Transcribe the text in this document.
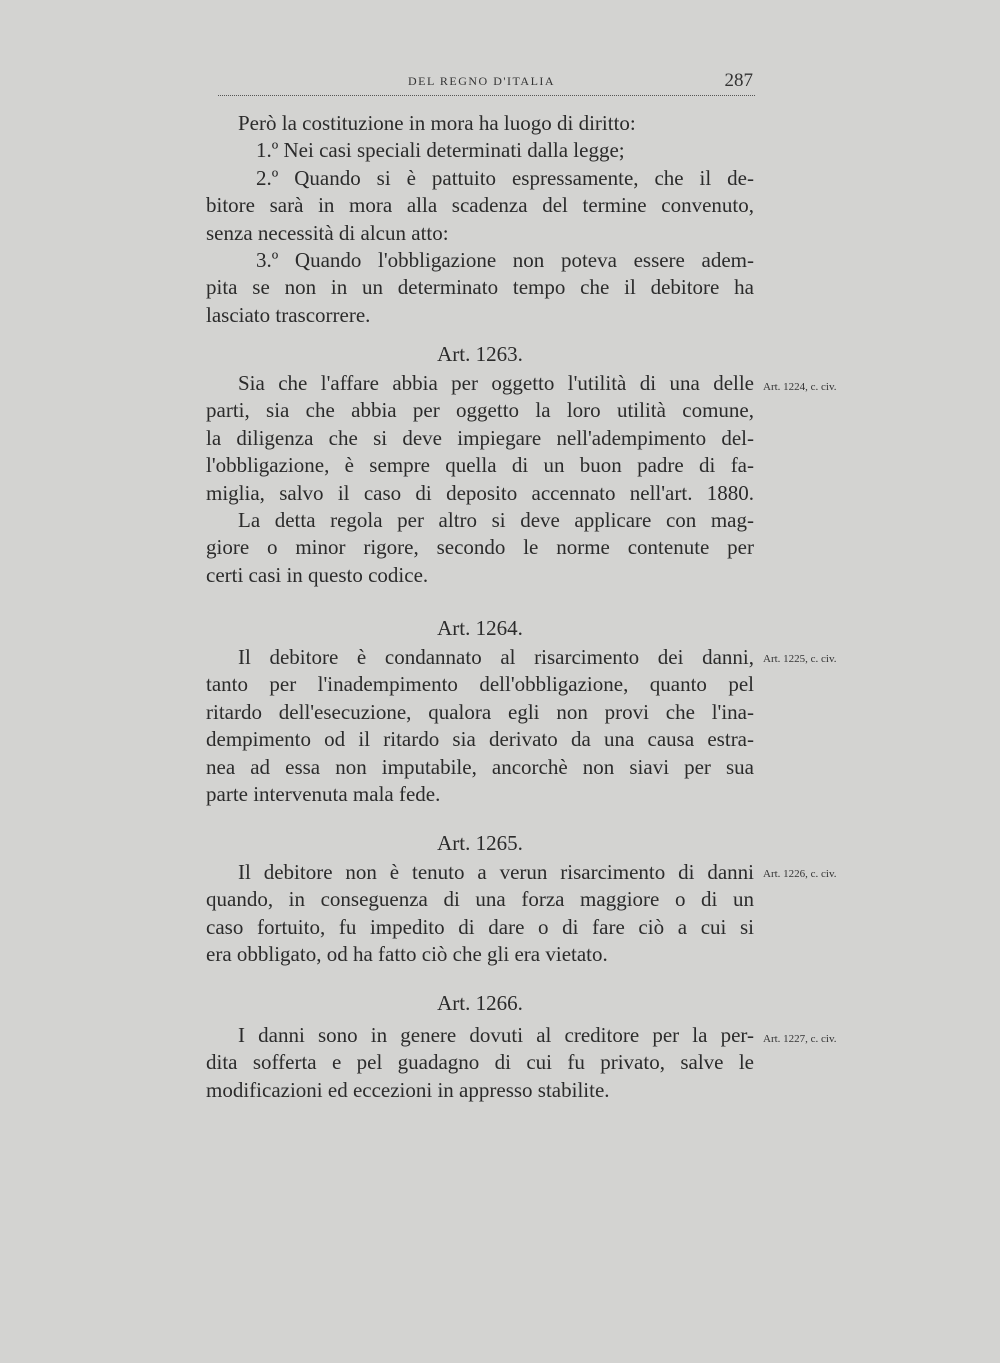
DEL REGNO D'ITALIA	287
Però la costituzione in mora ha luogo di diritto:
1.º Nei casi speciali determinati dalla legge;
2.º Quando si è pattuito espressamente, che il de-
bitore sarà in mora alla scadenza del termine convenuto,
senza necessità di alcun atto:
3.º Quando l'obbligazione non poteva essere adem-
pita se non in un determinato tempo che il debitore ha
lasciato trascorrere.
Art. 1263.
Art. 1224, c. civ.
Sia che l'affare abbia per oggetto l'utilità di una delle
parti, sia che abbia per oggetto la loro utilità comune,
la diligenza che si deve impiegare nell'adempimento del-
l'obbligazione, è sempre quella di un buon padre di fa-
miglia, salvo il caso di deposito accennato nell'art. 1880.
La detta regola per altro si deve applicare con mag-
giore o minor rigore, secondo le norme contenute per
certi casi in questo codice.
Art. 1264.
Art. 1225, c. civ.
Il debitore è condannato al risarcimento dei danni,
tanto per l'inadempimento dell'obbligazione, quanto pel
ritardo dell'esecuzione, qualora egli non provi che l'ina-
dempimento od il ritardo sia derivato da una causa estra-
nea ad essa non imputabile, ancorchè non siavi per sua
parte intervenuta mala fede.
Art. 1265.
Art. 1226, c. civ.
Il debitore non è tenuto a verun risarcimento di danni
quando, in conseguenza di una forza maggiore o di un
caso fortuito, fu impedito di dare o di fare ciò a cui si
era obbligato, od ha fatto ciò che gli era vietato.
Art. 1266.
Art. 1227, c. civ.
I danni sono in genere dovuti al creditore per la per-
dita sofferta e pel guadagno di cui fu privato, salve le
modificazioni ed eccezioni in appresso stabilite.
